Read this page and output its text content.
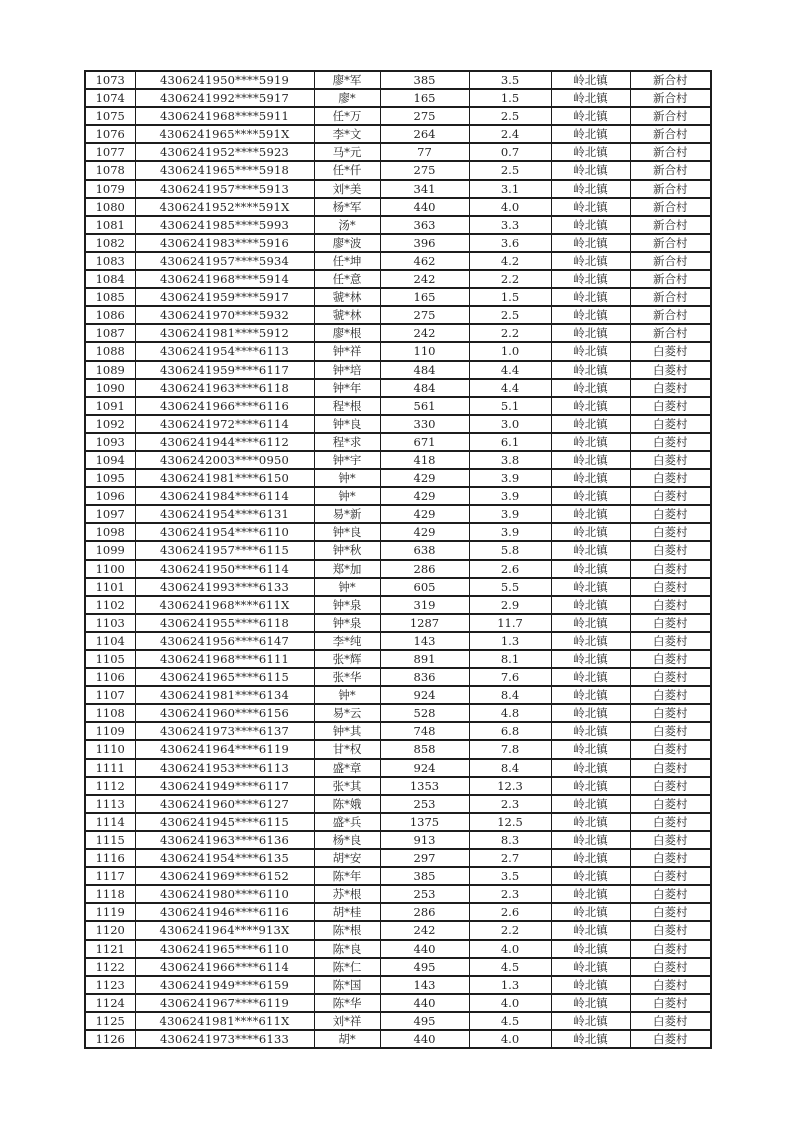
1073	4306241950****5919	廖*军	385	3.5	岭北镇	新合村
1074	4306241992****5917	廖*	165	1.5	岭北镇	新合村
1075	4306241968****5911	任*万	275	2.5	岭北镇	新合村
1076	4306241965****591X	李*文	264	2.4	岭北镇	新合村
1077	4306241952****5923	马*元	77	0.7	岭北镇	新合村
1078	4306241965****5918	任*仟	275	2.5	岭北镇	新合村
1079	4306241957****5913	刘*美	341	3.1	岭北镇	新合村
1080	4306241952****591X	杨*军	440	4.0	岭北镇	新合村
1081	4306241985****5993	汤*	363	3.3	岭北镇	新合村
1082	4306241983****5916	廖*波	396	3.6	岭北镇	新合村
1083	4306241957****5934	任*坤	462	4.2	岭北镇	新合村
1084	4306241968****5914	任*意	242	2.2	岭北镇	新合村
1085	4306241959****5917	虢*林	165	1.5	岭北镇	新合村
1086	4306241970****5932	虢*林	275	2.5	岭北镇	新合村
1087	4306241981****5912	廖*根	242	2.2	岭北镇	新合村
1088	4306241954****6113	钟*祥	110	1.0	岭北镇	白菱村
1089	4306241959****6117	钟*培	484	4.4	岭北镇	白菱村
1090	4306241963****6118	钟*年	484	4.4	岭北镇	白菱村
1091	4306241966****6116	程*根	561	5.1	岭北镇	白菱村
1092	4306241972****6114	钟*良	330	3.0	岭北镇	白菱村
1093	4306241944****6112	程*求	671	6.1	岭北镇	白菱村
1094	4306242003****0950	钟*宇	418	3.8	岭北镇	白菱村
1095	4306241981****6150	钟*	429	3.9	岭北镇	白菱村
1096	4306241984****6114	钟*	429	3.9	岭北镇	白菱村
1097	4306241954****6131	易*新	429	3.9	岭北镇	白菱村
1098	4306241954****6110	钟*良	429	3.9	岭北镇	白菱村
1099	4306241957****6115	钟*秋	638	5.8	岭北镇	白菱村
1100	4306241950****6114	郑*加	286	2.6	岭北镇	白菱村
1101	4306241993****6133	钟*	605	5.5	岭北镇	白菱村
1102	4306241968****611X	钟*泉	319	2.9	岭北镇	白菱村
1103	4306241955****6118	钟*泉	1287	11.7	岭北镇	白菱村
1104	4306241956****6147	李*纯	143	1.3	岭北镇	白菱村
1105	4306241968****6111	张*辉	891	8.1	岭北镇	白菱村
1106	4306241965****6115	张*华	836	7.6	岭北镇	白菱村
1107	4306241981****6134	钟*	924	8.4	岭北镇	白菱村
1108	4306241960****6156	易*云	528	4.8	岭北镇	白菱村
1109	4306241973****6137	钟*其	748	6.8	岭北镇	白菱村
1110	4306241964****6119	甘*权	858	7.8	岭北镇	白菱村
1111	4306241953****6113	盛*章	924	8.4	岭北镇	白菱村
1112	4306241949****6117	张*其	1353	12.3	岭北镇	白菱村
1113	4306241960****6127	陈*娥	253	2.3	岭北镇	白菱村
1114	4306241945****6115	盛*兵	1375	12.5	岭北镇	白菱村
1115	4306241963****6136	杨*良	913	8.3	岭北镇	白菱村
1116	4306241954****6135	胡*安	297	2.7	岭北镇	白菱村
1117	4306241969****6152	陈*年	385	3.5	岭北镇	白菱村
1118	4306241980****6110	苏*根	253	2.3	岭北镇	白菱村
1119	4306241946****6116	胡*桂	286	2.6	岭北镇	白菱村
1120	4306241964****913X	陈*根	242	2.2	岭北镇	白菱村
1121	4306241965****6110	陈*良	440	4.0	岭北镇	白菱村
1122	4306241966****6114	陈*仁	495	4.5	岭北镇	白菱村
1123	4306241949****6159	陈*国	143	1.3	岭北镇	白菱村
1124	4306241967****6119	陈*华	440	4.0	岭北镇	白菱村
1125	4306241981****611X	刘*祥	495	4.5	岭北镇	白菱村
1126	4306241973****6133	胡*	440	4.0	岭北镇	白菱村
